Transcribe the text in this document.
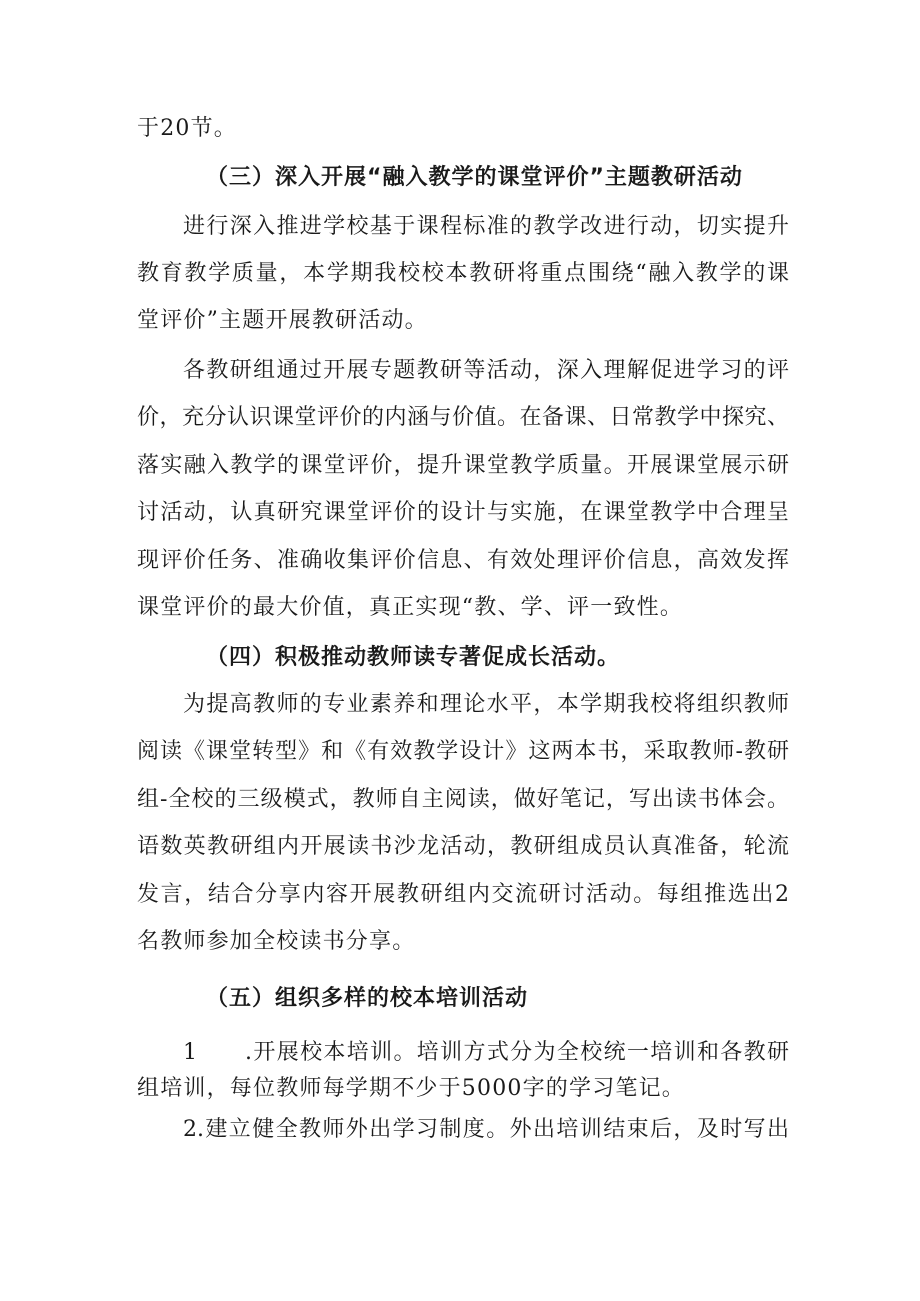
于20节。
（三）深入开展“融入教学的课堂评价”主题教研活动
进行深入推进学校基于课程标准的教学改进行动，切实提升
教育教学质量，本学期我校校本教研将重点围绕“融入教学的课
堂评价”主题开展教研活动。
各教研组通过开展专题教研等活动，深入理解促进学习的评
价，充分认识课堂评价的内涵与价值。在备课、日常教学中探究、
落实融入教学的课堂评价，提升课堂教学质量。开展课堂展示研
讨活动，认真研究课堂评价的设计与实施，在课堂教学中合理呈
现评价任务、准确收集评价信息、有效处理评价信息，高效发挥
课堂评价的最大价值，真正实现“教、学、评一致性。
（四）积极推动教师读专著促成长活动。
为提高教师的专业素养和理论水平，本学期我校将组织教师
阅读《课堂转型》和《有效教学设计》这两本书，采取教师-教研
组-全校的三级模式，教师自主阅读，做好笔记，写出读书体会。
语数英教研组内开展读书沙龙活动，教研组成员认真准备，轮流
发言，结合分享内容开展教研组内交流研讨活动。每组推选出2
名教师参加全校读书分享。
（五）组织多样的校本培训活动
1　　.开展校本培训。培训方式分为全校统一培训和各教研
组培训，每位教师每学期不少于5000字的学习笔记。
2.建立健全教师外出学习制度。外出培训结束后，及时写出
